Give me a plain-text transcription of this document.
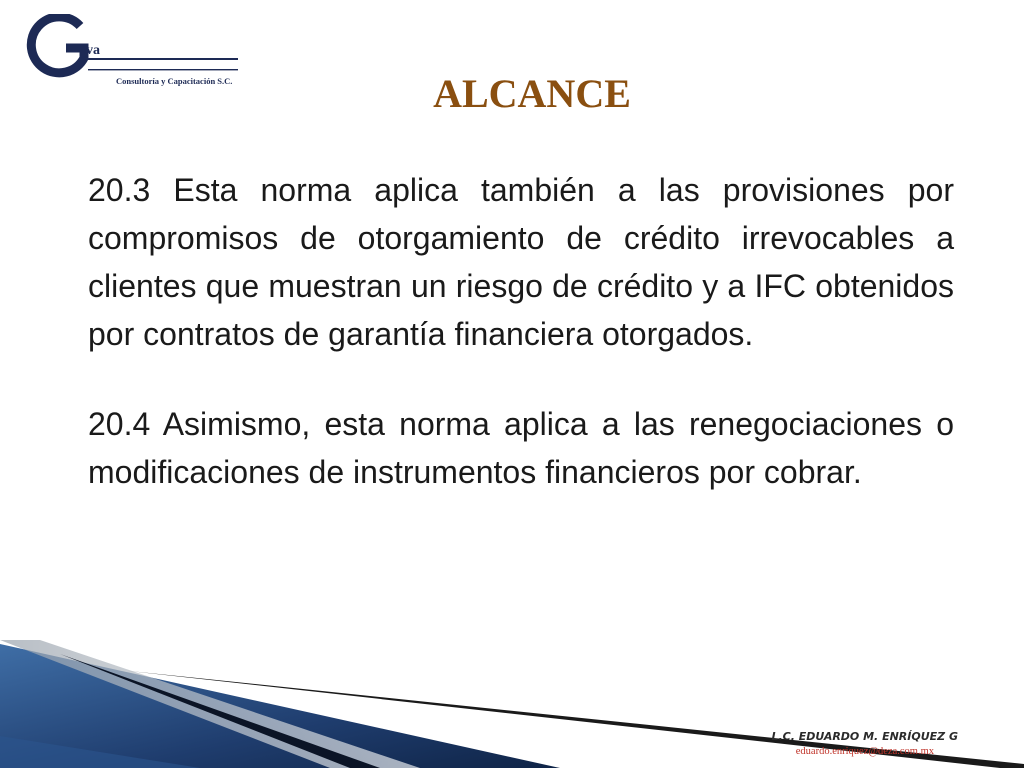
va
Consultoría y Capacitación S.C.	ALCANCE

20.3 Esta norma aplica también a las provisiones por compromisos de otorgamiento de crédito irrevocables a clientes que muestran un riesgo de crédito y a IFC obtenidos por contratos de garantía financiera otorgados.

20.4 Asimismo, esta norma aplica a las renegociaciones o modificaciones de instrumentos financieros por cobrar.

L.C. EDUARDO M. ENRÍQUEZ G
eduardo.enriquez@deza.com.mx
